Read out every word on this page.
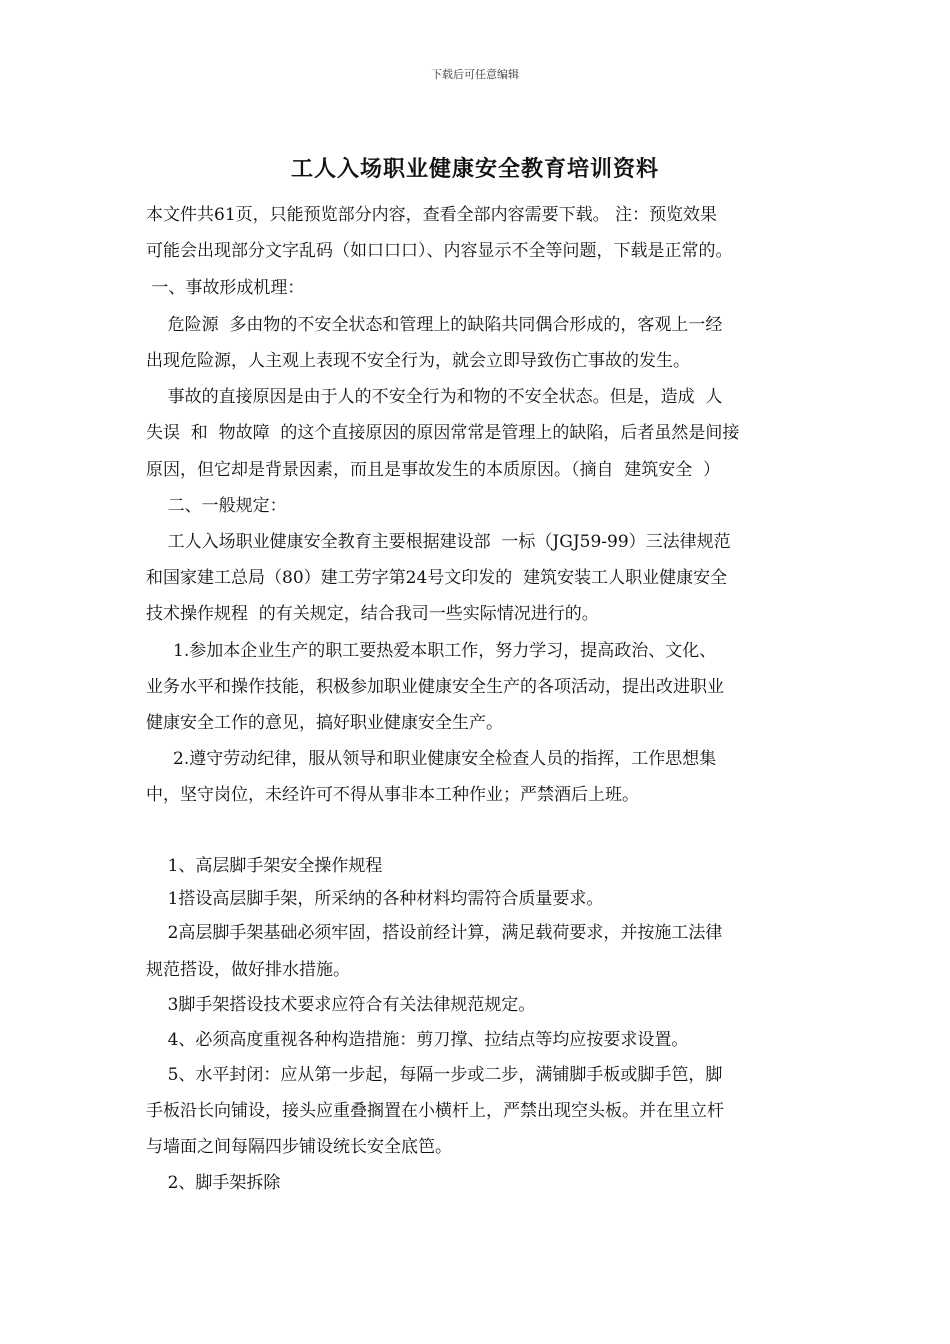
下载后可任意编辑
工人入场职业健康安全教育培训资料
本文件共61页，只能预览部分内容，查看全部内容需要下载。 注：预览效果
可能会出现部分文字乱码（如口口口）、内容显示不全等问题，下载是正常的。
一、事故形成机理：
危险源  多由物的不安全状态和管理上的缺陷共同偶合形成的，客观上一经
出现危险源，人主观上表现不安全行为，就会立即导致伤亡事故的发生。
事故的直接原因是由于人的不安全行为和物的不安全状态。但是，造成  人
失误  和  物故障  的这个直接原因的原因常常是管理上的缺陷，后者虽然是间接
原因，但它却是背景因素，而且是事故发生的本质原因。（摘自  建筑安全  ）
二、一般规定：
工人入场职业健康安全教育主要根据建设部  一标（JGJ59-99）三法律规范
和国家建工总局（80）建工劳字第24号文印发的  建筑安装工人职业健康安全
技术操作规程  的有关规定，结合我司一些实际情况进行的。
1.参加本企业生产的职工要热爱本职工作，努力学习，提高政治、文化、
业务水平和操作技能，积极参加职业健康安全生产的各项活动，提出改进职业
健康安全工作的意见，搞好职业健康安全生产。
2.遵守劳动纪律，服从领导和职业健康安全检查人员的指挥，工作思想集
中，坚守岗位，未经许可不得从事非本工种作业；严禁酒后上班。
1、高层脚手架安全操作规程
1搭设高层脚手架，所采纳的各种材料均需符合质量要求。
2高层脚手架基础必须牢固，搭设前经计算，满足载荷要求，并按施工法律
规范搭设，做好排水措施。
3脚手架搭设技术要求应符合有关法律规范规定。
4、必须高度重视各种构造措施：剪刀撑、拉结点等均应按要求设置。
5、水平封闭：应从第一步起，每隔一步或二步，满铺脚手板或脚手笆，脚
手板沿长向铺设，接头应重叠搁置在小横杆上，严禁出现空头板。并在里立杆
与墙面之间每隔四步铺设统长安全底笆。
2、脚手架拆除
